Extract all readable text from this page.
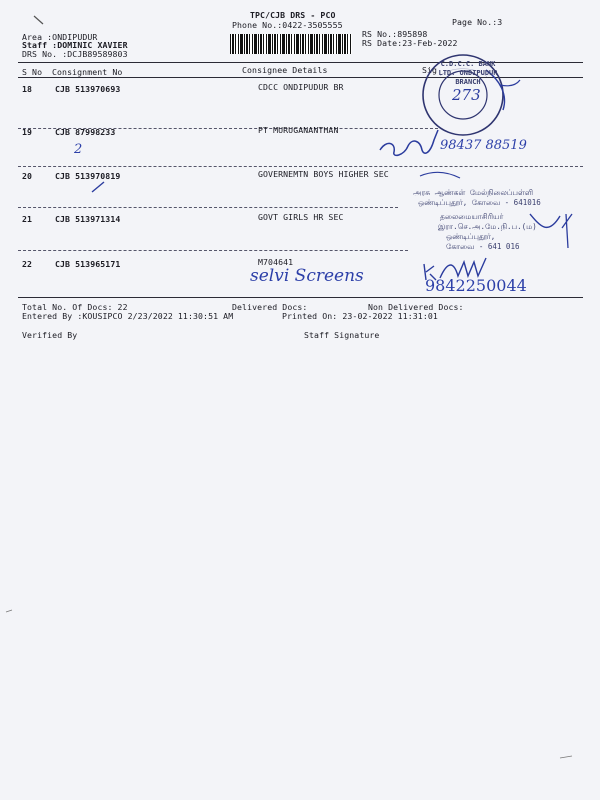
TPC/CJB DRS - PCO
Phone No.:0422-3505555	Page No.:3
Area :ONDIPUDUR
Staff :DOMINIC XAVIER
DRS No. :DCJB89589803
RS No.:895898
RS Date:23-Feb-2022
S No Consignment No	Consignee Details	Sig
18	CJB 513970693	CDCC ONDIPUDUR BR
19	CJB 87998233	PT MURUGANANTHAN
20	CJB 513970819	GOVERNEMTN BOYS HIGHER SEC
21	CJB 513971314	GOVT GIRLS HR SEC
22	CJB 513965171	M704641
Total No. Of Docs: 22	Delivered Docs:	Non Delivered Docs:
Entered By :KOUSIPCO 2/23/2022 11:30:51 AM	Printed On: 23-02-2022 11:31:01
Verified By	Staff Signature
C.D.C.C. BANK LTD. ONDIPUDUR BRANCH
273
98437 88519
2
அரசு ஆண்கள் மேல்நிலைப்பள்ளி
ஒண்டிப்புதூர், கோவை - 641016
தலைமையாசிரியர்
இரா.செ.அ.மே.நி.ப.(ம)
ஒண்டிப்புதூர்,
கோவை - 641 016
selvi Screens	9842250044
